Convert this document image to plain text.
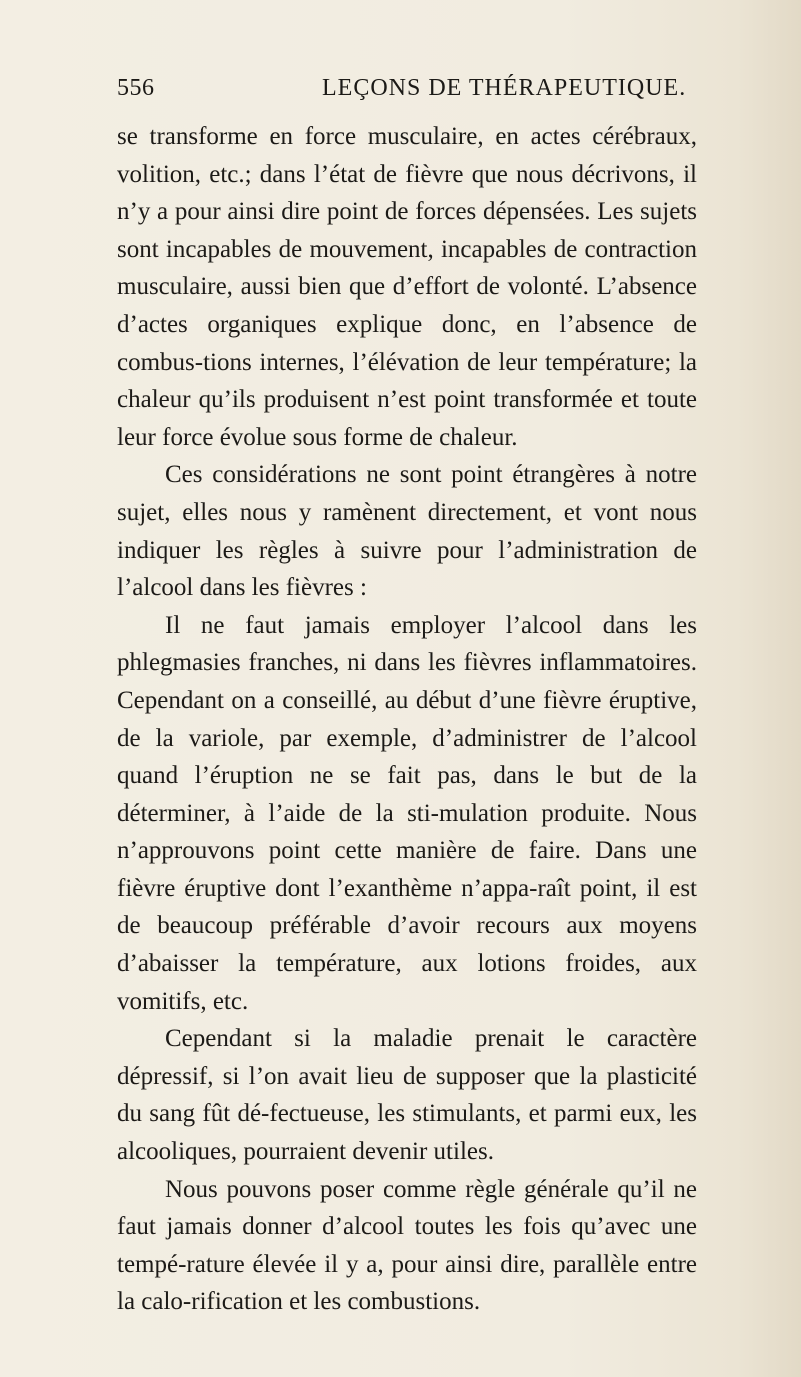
556	LEÇONS DE THÉRAPEUTIQUE.

se transforme en force musculaire, en actes cérébraux, volition, etc.; dans l’état de fièvre que nous décrivons, il n’y a pour ainsi dire point de forces dépensées. Les sujets sont incapables de mouvement, incapables de contraction musculaire, aussi bien que d’effort de volonté. L’absence d’actes organiques explique donc, en l’absence de combus-tions internes, l’élévation de leur température; la chaleur qu’ils produisent n’est point transformée et toute leur force évolue sous forme de chaleur.

Ces considérations ne sont point étrangères à notre sujet, elles nous y ramènent directement, et vont nous indiquer les règles à suivre pour l’administration de l’alcool dans les fièvres :

Il ne faut jamais employer l’alcool dans les phlegmasies franches, ni dans les fièvres inflammatoires. Cependant on a conseillé, au début d’une fièvre éruptive, de la variole, par exemple, d’administrer de l’alcool quand l’éruption ne se fait pas, dans le but de la déterminer, à l’aide de la sti-mulation produite. Nous n’approuvons point cette manière de faire. Dans une fièvre éruptive dont l’exanthème n’appa-raît point, il est de beaucoup préférable d’avoir recours aux moyens d’abaisser la température, aux lotions froides, aux vomitifs, etc.

Cependant si la maladie prenait le caractère dépressif, si l’on avait lieu de supposer que la plasticité du sang fût dé-fectueuse, les stimulants, et parmi eux, les alcooliques, pourraient devenir utiles.

Nous pouvons poser comme règle générale qu’il ne faut jamais donner d’alcool toutes les fois qu’avec une tempé-rature élevée il y a, pour ainsi dire, parallèle entre la calo-rification et les combustions.
